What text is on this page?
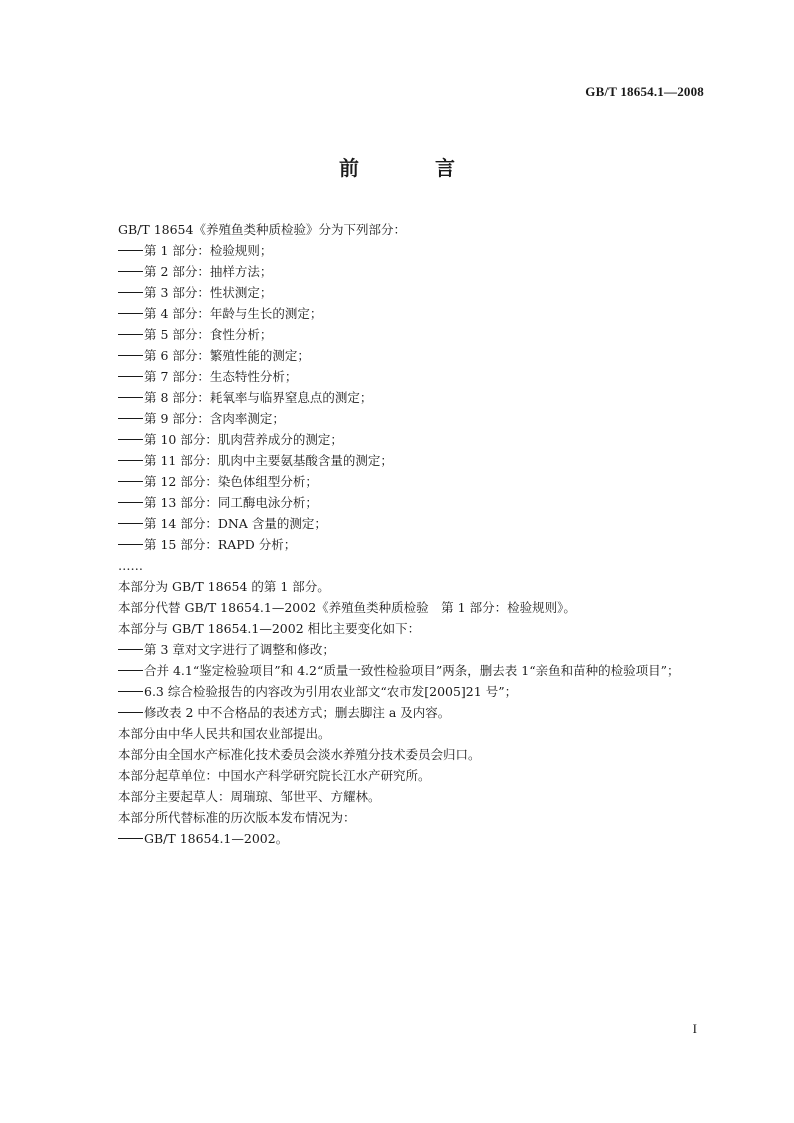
GB/T 18654.1—2008
前　言
GB/T 18654《养殖鱼类种质检验》分为下列部分：
第 1 部分：检验规则；
第 2 部分：抽样方法；
第 3 部分：性状测定；
第 4 部分：年龄与生长的测定；
第 5 部分：食性分析；
第 6 部分：繁殖性能的测定；
第 7 部分：生态特性分析；
第 8 部分：耗氧率与临界窒息点的测定；
第 9 部分：含肉率测定；
第 10 部分：肌肉营养成分的测定；
第 11 部分：肌肉中主要氨基酸含量的测定；
第 12 部分：染色体组型分析；
第 13 部分：同工酶电泳分析；
第 14 部分：DNA 含量的测定；
第 15 部分：RAPD 分析；
……
本部分为 GB/T 18654 的第 1 部分。
本部分代替 GB/T 18654.1—2002《养殖鱼类种质检验　第 1 部分：检验规则》。
本部分与 GB/T 18654.1—2002 相比主要变化如下：
第 3 章对文字进行了调整和修改；
合并 4.1“鉴定检验项目”和 4.2“质量一致性检验项目”两条，删去表 1“亲鱼和苗种的检验项目”；
6.3 综合检验报告的内容改为引用农业部文“农市发[2005]21 号”；
修改表 2 中不合格品的表述方式；删去脚注 a 及内容。
本部分由中华人民共和国农业部提出。
本部分由全国水产标准化技术委员会淡水养殖分技术委员会归口。
本部分起草单位：中国水产科学研究院长江水产研究所。
本部分主要起草人：周瑞琼、邹世平、方耀林。
本部分所代替标准的历次版本发布情况为：
GB/T 18654.1—2002。
I
